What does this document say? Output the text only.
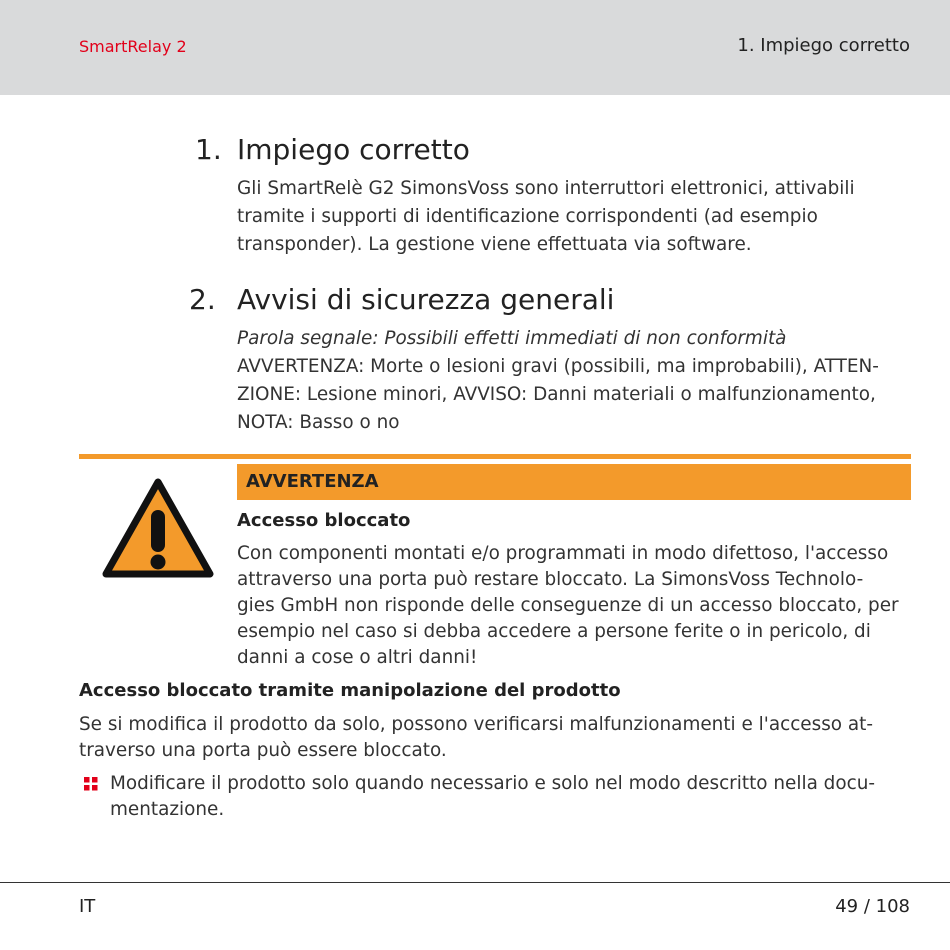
SmartRelay 2	1. Impiego corretto
1. Impiego corretto

Gli SmartRelè G2 SimonsVoss sono interruttori elettronici, attivabili
tramite i supporti di identificazione corrispondenti (ad esempio
transponder). La gestione viene effettuata via software.

2. Avvisi di sicurezza generali

Parola segnale: Possibili effetti immediati di non conformità

AVVERTENZA: Morte o lesioni gravi (possibili, ma improbabili), ATTEN-
ZIONE: Lesione minori, AVVISO: Danni materiali o malfunzionamento,
NOTA: Basso o no

AVVERTENZA
Accesso bloccato

Con componenti montati e/o programmati in modo difettoso, l'accesso
attraverso una porta può restare bloccato. La SimonsVoss Technolo-
gies GmbH non risponde delle conseguenze di un accesso bloccato, per
esempio nel caso si debba accedere a persone ferite o in pericolo, di
danni a cose o altri danni!

Accesso bloccato tramite manipolazione del prodotto

Se si modifica il prodotto da solo, possono verificarsi malfunzionamenti e l'accesso at-
traverso una porta può essere bloccato.

Modificare il prodotto solo quando necessario e solo nel modo descritto nella docu-
mentazione.

IT	49 / 108
